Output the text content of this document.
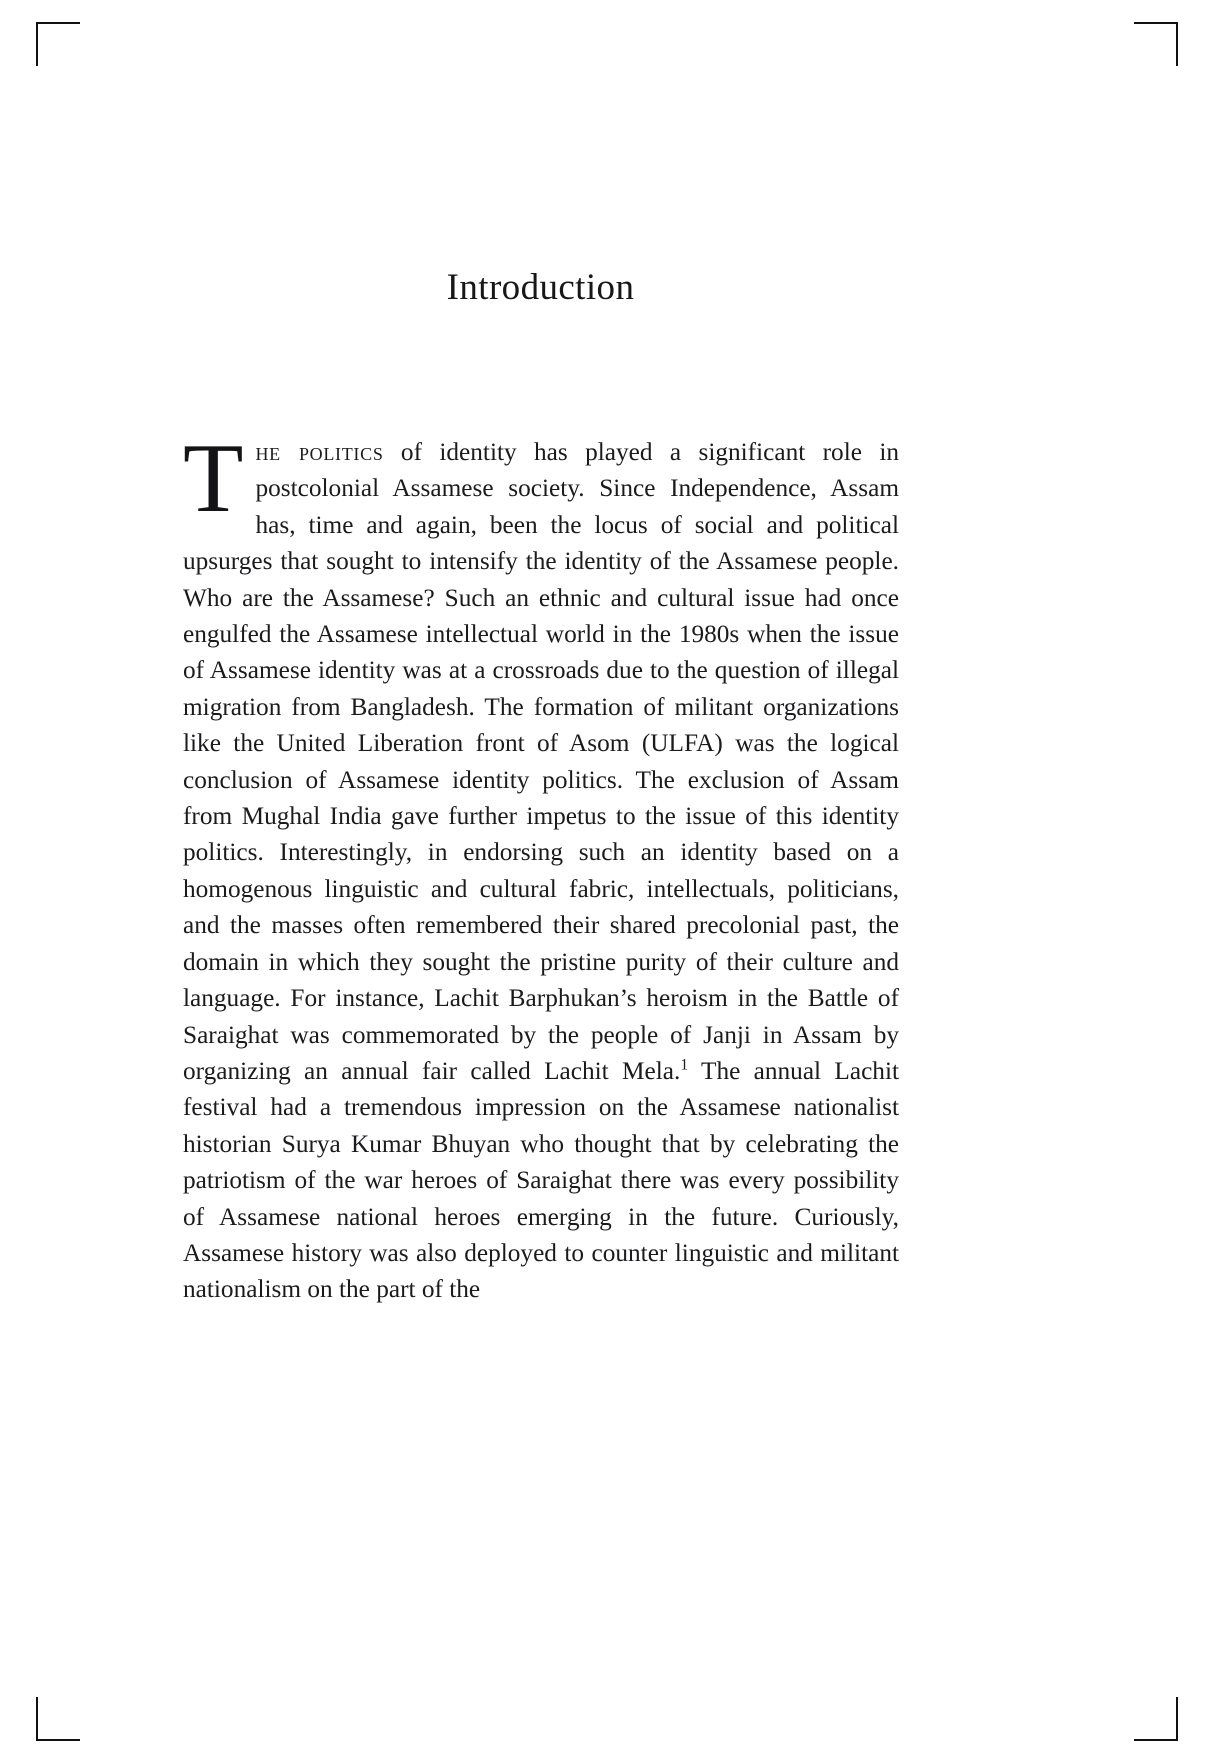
Introduction

The politics of identity has played a significant role in postcolonial Assamese society. Since Independence, Assam has, time and again, been the locus of social and political upsurges that sought to intensify the identity of the Assamese people. Who are the Assamese? Such an ethnic and cultural issue had once engulfed the Assamese intellectual world in the 1980s when the issue of Assamese identity was at a crossroads due to the question of illegal migration from Bangladesh. The formation of militant organizations like the United Liberation front of Asom (ULFA) was the logical conclusion of Assamese identity politics. The exclusion of Assam from Mughal India gave further impetus to the issue of this identity politics. Interestingly, in endorsing such an identity based on a homogenous linguistic and cultural fabric, intellectuals, politicians, and the masses often remembered their shared precolonial past, the domain in which they sought the pristine purity of their culture and language. For instance, Lachit Barphukan’s heroism in the Battle of Saraighat was commemorated by the people of Janji in Assam by organizing an annual fair called Lachit Mela.$^1$ The annual Lachit festival had a tremendous impression on the Assamese nationalist historian Surya Kumar Bhuyan who thought that by celebrating the patriotism of the war heroes of Saraighat there was every possibility of Assamese national heroes emerging in the future. Curiously, Assamese history was also deployed to counter linguistic and militant nationalism on the part of the
